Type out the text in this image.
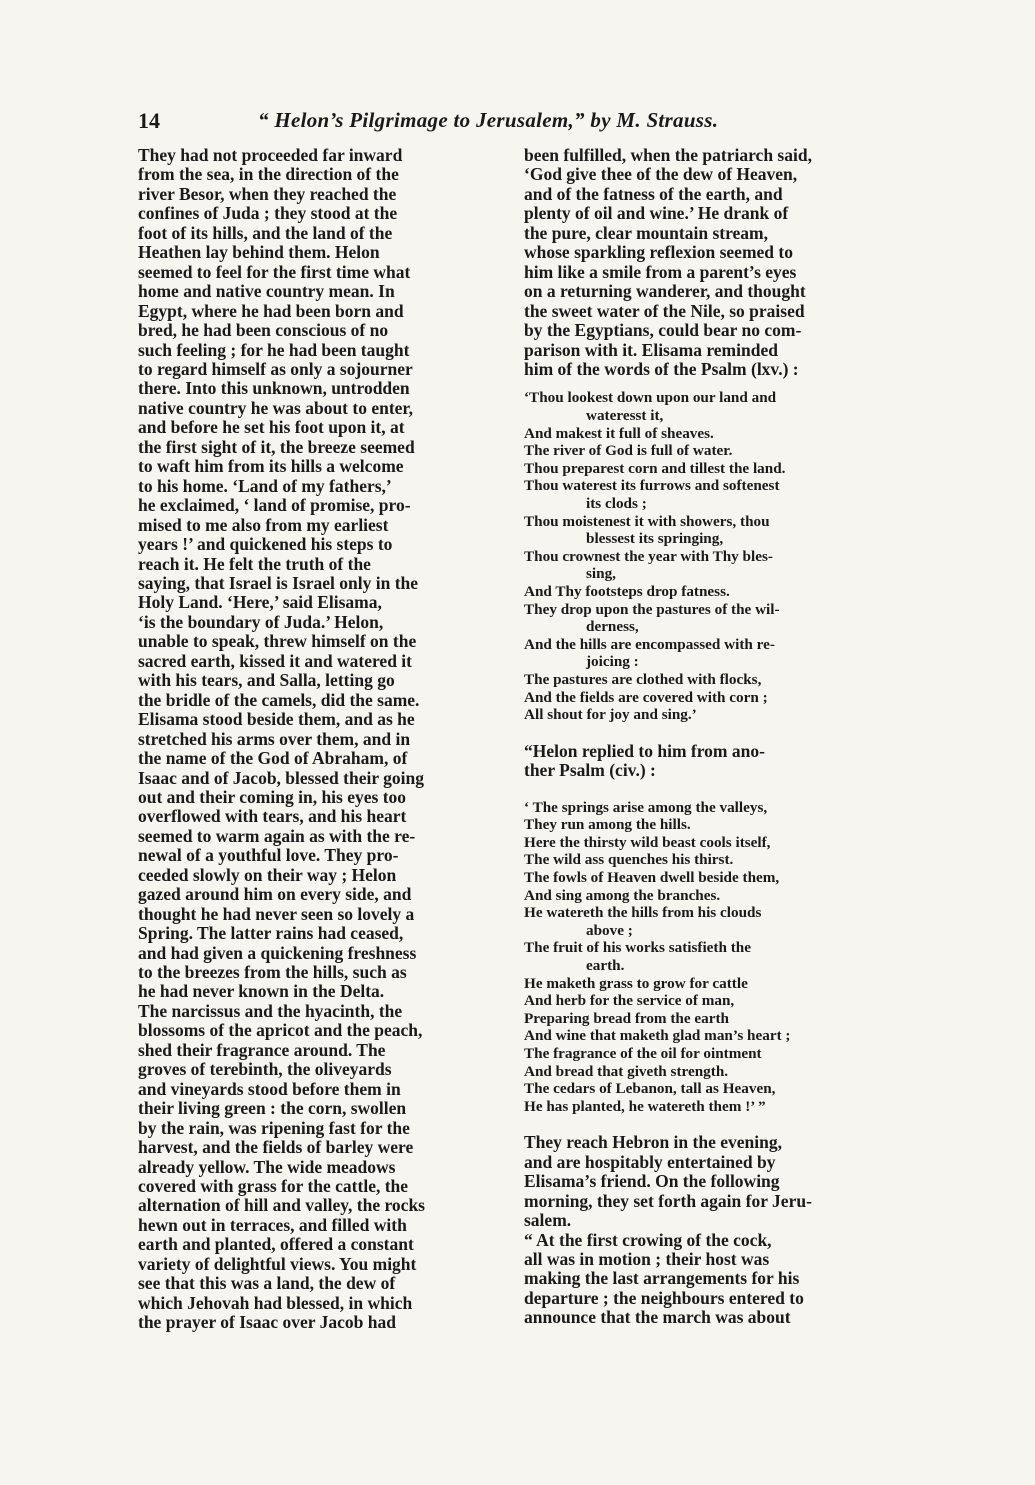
14	“ Helon’s Pilgrimage to Jerusalem,” by M. Strauss.
They had not proceeded far inward
from the sea, in the direction of the
river Besor, when they reached the
confines of Juda ; they stood at the
foot of its hills, and the land of the
Heathen lay behind them. Helon
seemed to feel for the first time what
home and native country mean. In
Egypt, where he had been born and
bred, he had been conscious of no
such feeling ; for he had been taught
to regard himself as only a sojourner
there. Into this unknown, untrodden
native country he was about to enter,
and before he set his foot upon it, at
the first sight of it, the breeze seemed
to waft him from its hills a welcome
to his home. ‘Land of my fathers,’
he exclaimed, ‘ land of promise, pro-
mised to me also from my earliest
years !’ and quickened his steps to
reach it. He felt the truth of the
saying, that Israel is Israel only in the
Holy Land. ‘Here,’ said Elisama,
‘is the boundary of Juda.’ Helon,
unable to speak, threw himself on the
sacred earth, kissed it and watered it
with his tears, and Salla, letting go
the bridle of the camels, did the same.
Elisama stood beside them, and as he
stretched his arms over them, and in
the name of the God of Abraham, of
Isaac and of Jacob, blessed their going
out and their coming in, his eyes too
overflowed with tears, and his heart
seemed to warm again as with the re-
newal of a youthful love. They pro-
ceeded slowly on their way ; Helon
gazed around him on every side, and
thought he had never seen so lovely a
Spring. The latter rains had ceased,
and had given a quickening freshness
to the breezes from the hills, such as
he had never known in the Delta.
The narcissus and the hyacinth, the
blossoms of the apricot and the peach,
shed their fragrance around. The
groves of terebinth, the oliveyards
and vineyards stood before them in
their living green : the corn, swollen
by the rain, was ripening fast for the
harvest, and the fields of barley were
already yellow. The wide meadows
covered with grass for the cattle, the
alternation of hill and valley, the rocks
hewn out in terraces, and filled with
earth and planted, offered a constant
variety of delightful views. You might
see that this was a land, the dew of
which Jehovah had blessed, in which
the prayer of Isaac over Jacob had
been fulfilled, when the patriarch said,
‘God give thee of the dew of Heaven,
and of the fatness of the earth, and
plenty of oil and wine.’ He drank of
the pure, clear mountain stream,
whose sparkling reflexion seemed to
him like a smile from a parent’s eyes
on a returning wanderer, and thought
the sweet water of the Nile, so praised
by the Egyptians, could bear no com-
parison with it. Elisama reminded
him of the words of the Psalm (lxv.) :
‘Thou lookest down upon our land and
wateresst it,
And makest it full of sheaves.
The river of God is full of water.
Thou preparest corn and tillest the land.
Thou waterest its furrows and softenest
its clods ;
Thou moistenest it with showers, thou
blessest its springing,
Thou crownest the year with Thy bles-
sing,
And Thy footsteps drop fatness.
They drop upon the pastures of the wil-
derness,
And the hills are encompassed with re-
joicing :
The pastures are clothed with flocks,
And the fields are covered with corn ;
All shout for joy and sing.’
“Helon replied to him from ano-
ther Psalm (civ.) :
‘ The springs arise among the valleys,
They run among the hills.
Here the thirsty wild beast cools itself,
The wild ass quenches his thirst.
The fowls of Heaven dwell beside them,
And sing among the branches.
He watereth the hills from his clouds
above ;
The fruit of his works satisfieth the
earth.
He maketh grass to grow for cattle
And herb for the service of man,
Preparing bread from the earth
And wine that maketh glad man’s heart ;
The fragrance of the oil for ointment
And bread that giveth strength.
The cedars of Lebanon, tall as Heaven,
He has planted, he watereth them !’ ”
They reach Hebron in the evening,
and are hospitably entertained by
Elisama’s friend. On the following
morning, they set forth again for Jeru-
salem.
“ At the first crowing of the cock,
all was in motion ; their host was
making the last arrangements for his
departure ; the neighbours entered to
announce that the march was about
